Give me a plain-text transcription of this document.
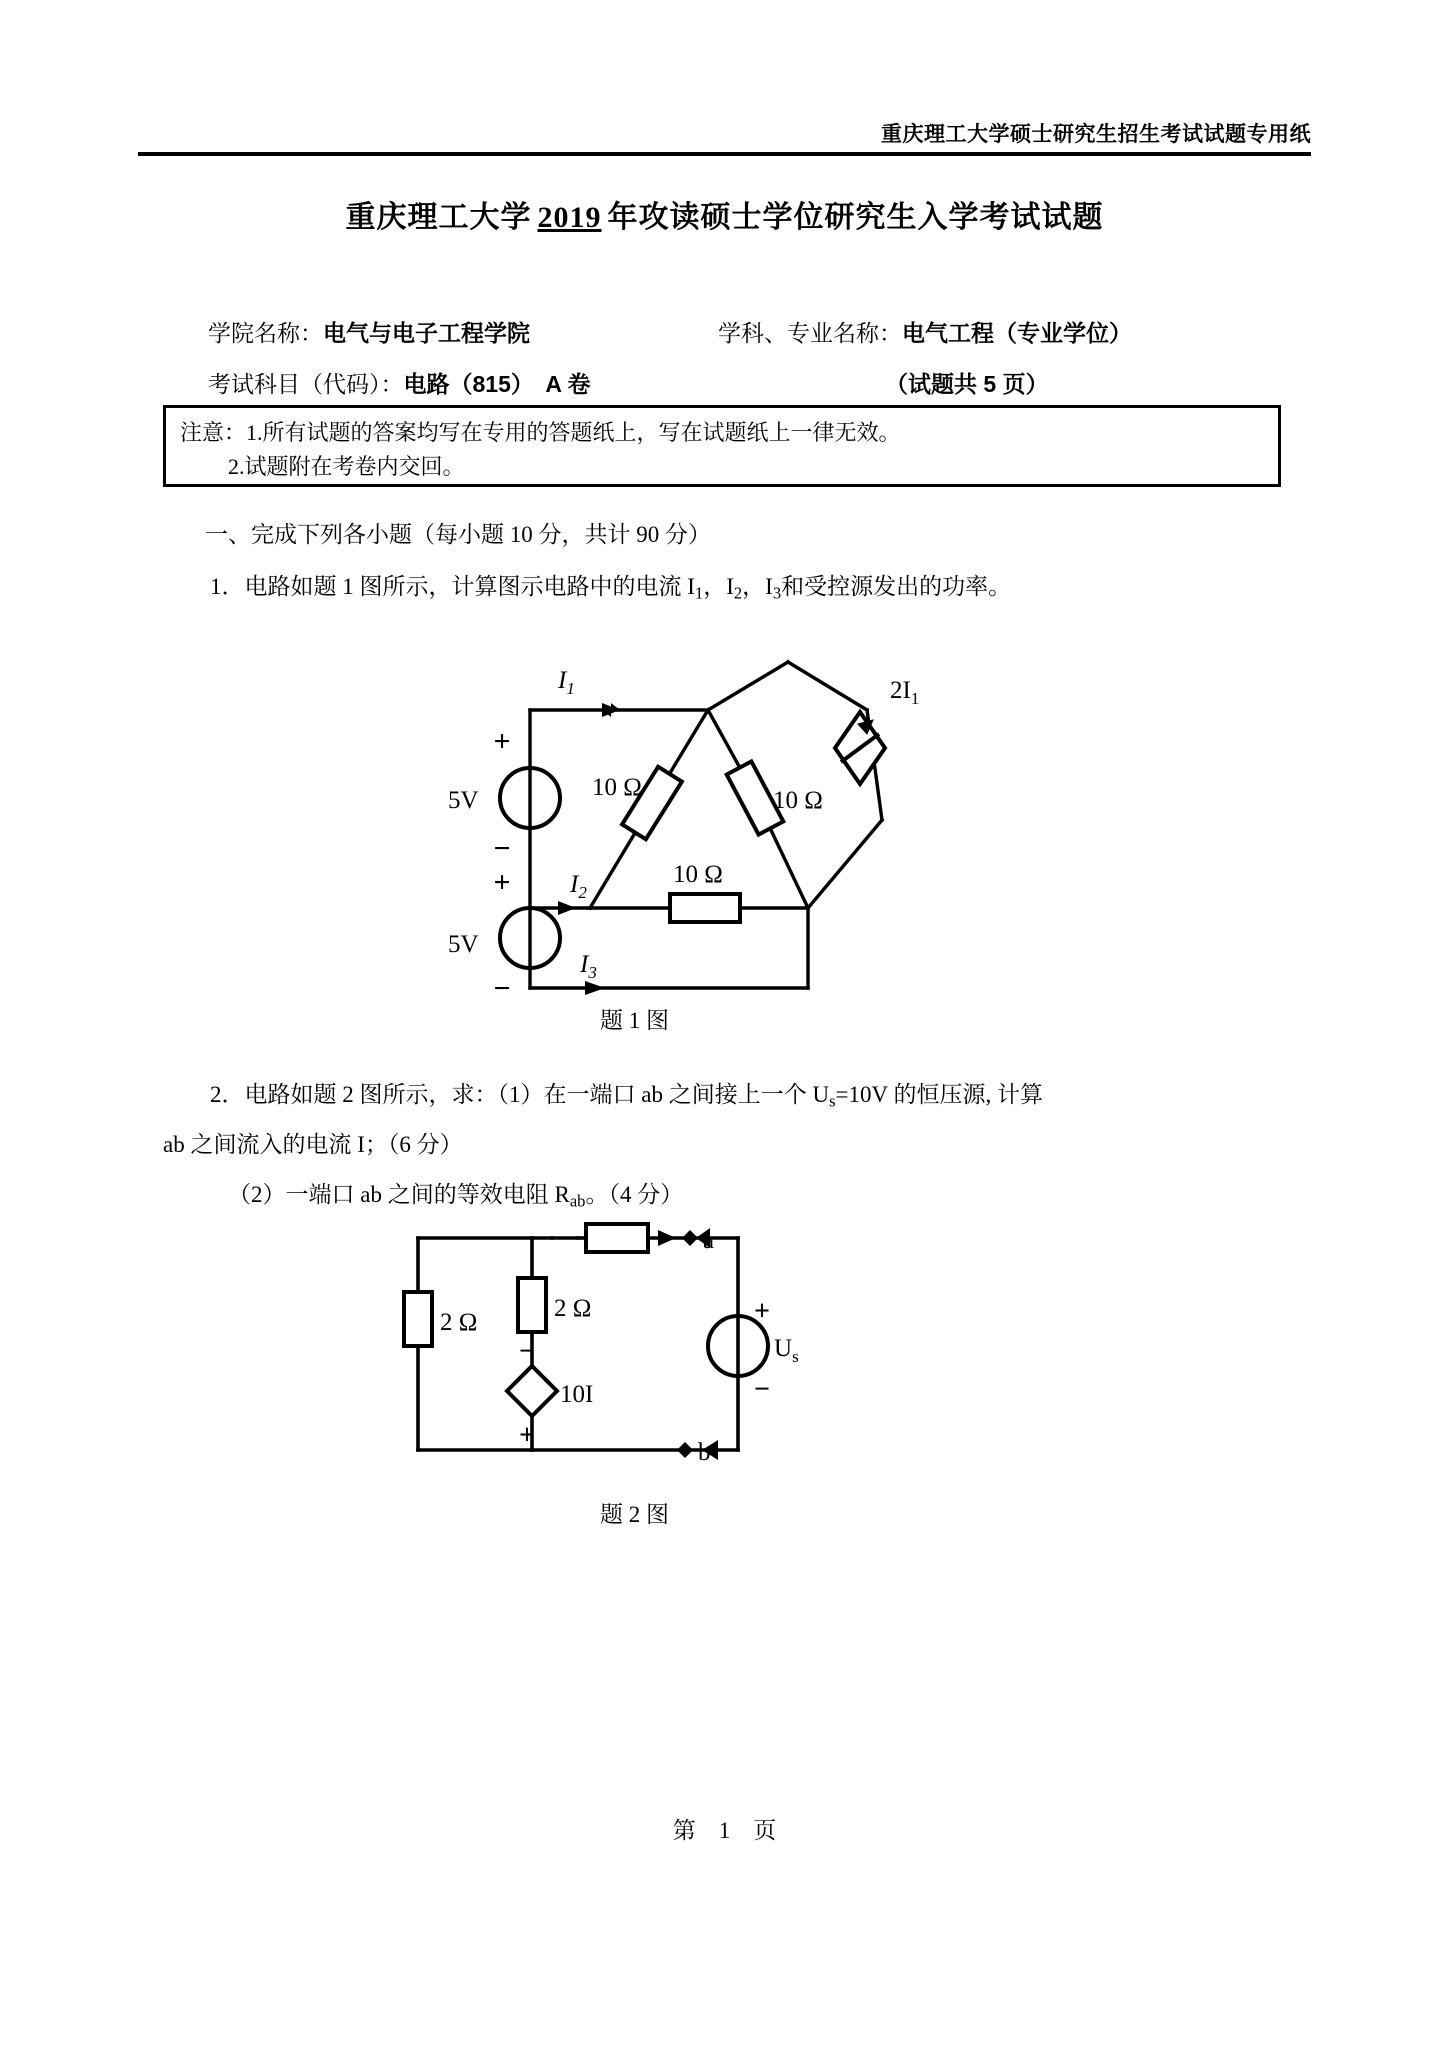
重庆理工大学硕士研究生招生考试试题专用纸
重庆理工大学 2019 年攻读硕士学位研究生入学考试试题
学院名称：电气与电子工程学院	学科、专业名称：电气工程（专业学位）
考试科目（代码）：电路（815）　A 卷	（试题共 5 页）
注意：1.所有试题的答案均写在专用的答题纸上，写在试题纸上一律无效。
2.试题附在考卷内交回。
一、完成下列各小题（每小题 10 分，共计 90 分）
1．电路如题 1 图所示，计算图示电路中的电流 $I_1$，$I_2$，$I_3$和受控源发出的功率。
+
−
+
−
5V
5V
$I_1$
$I_2$
$I_3$
10 Ω	10 Ω
10 Ω
$2I_1$
题 1 图
2．电路如题 2 图所示，求：（1）在一端口 ab 之间接上一个 $U_s=10V$ 的恒压源, 计算
ab 之间流入的电流 I；（6 分）
（2）一端口 ab 之间的等效电阻 $R_{ab}$。（4 分）
−
+
+
−
2 Ω
2 Ω
10I
a
b
$U_s$
题 2 图
第　1　页
